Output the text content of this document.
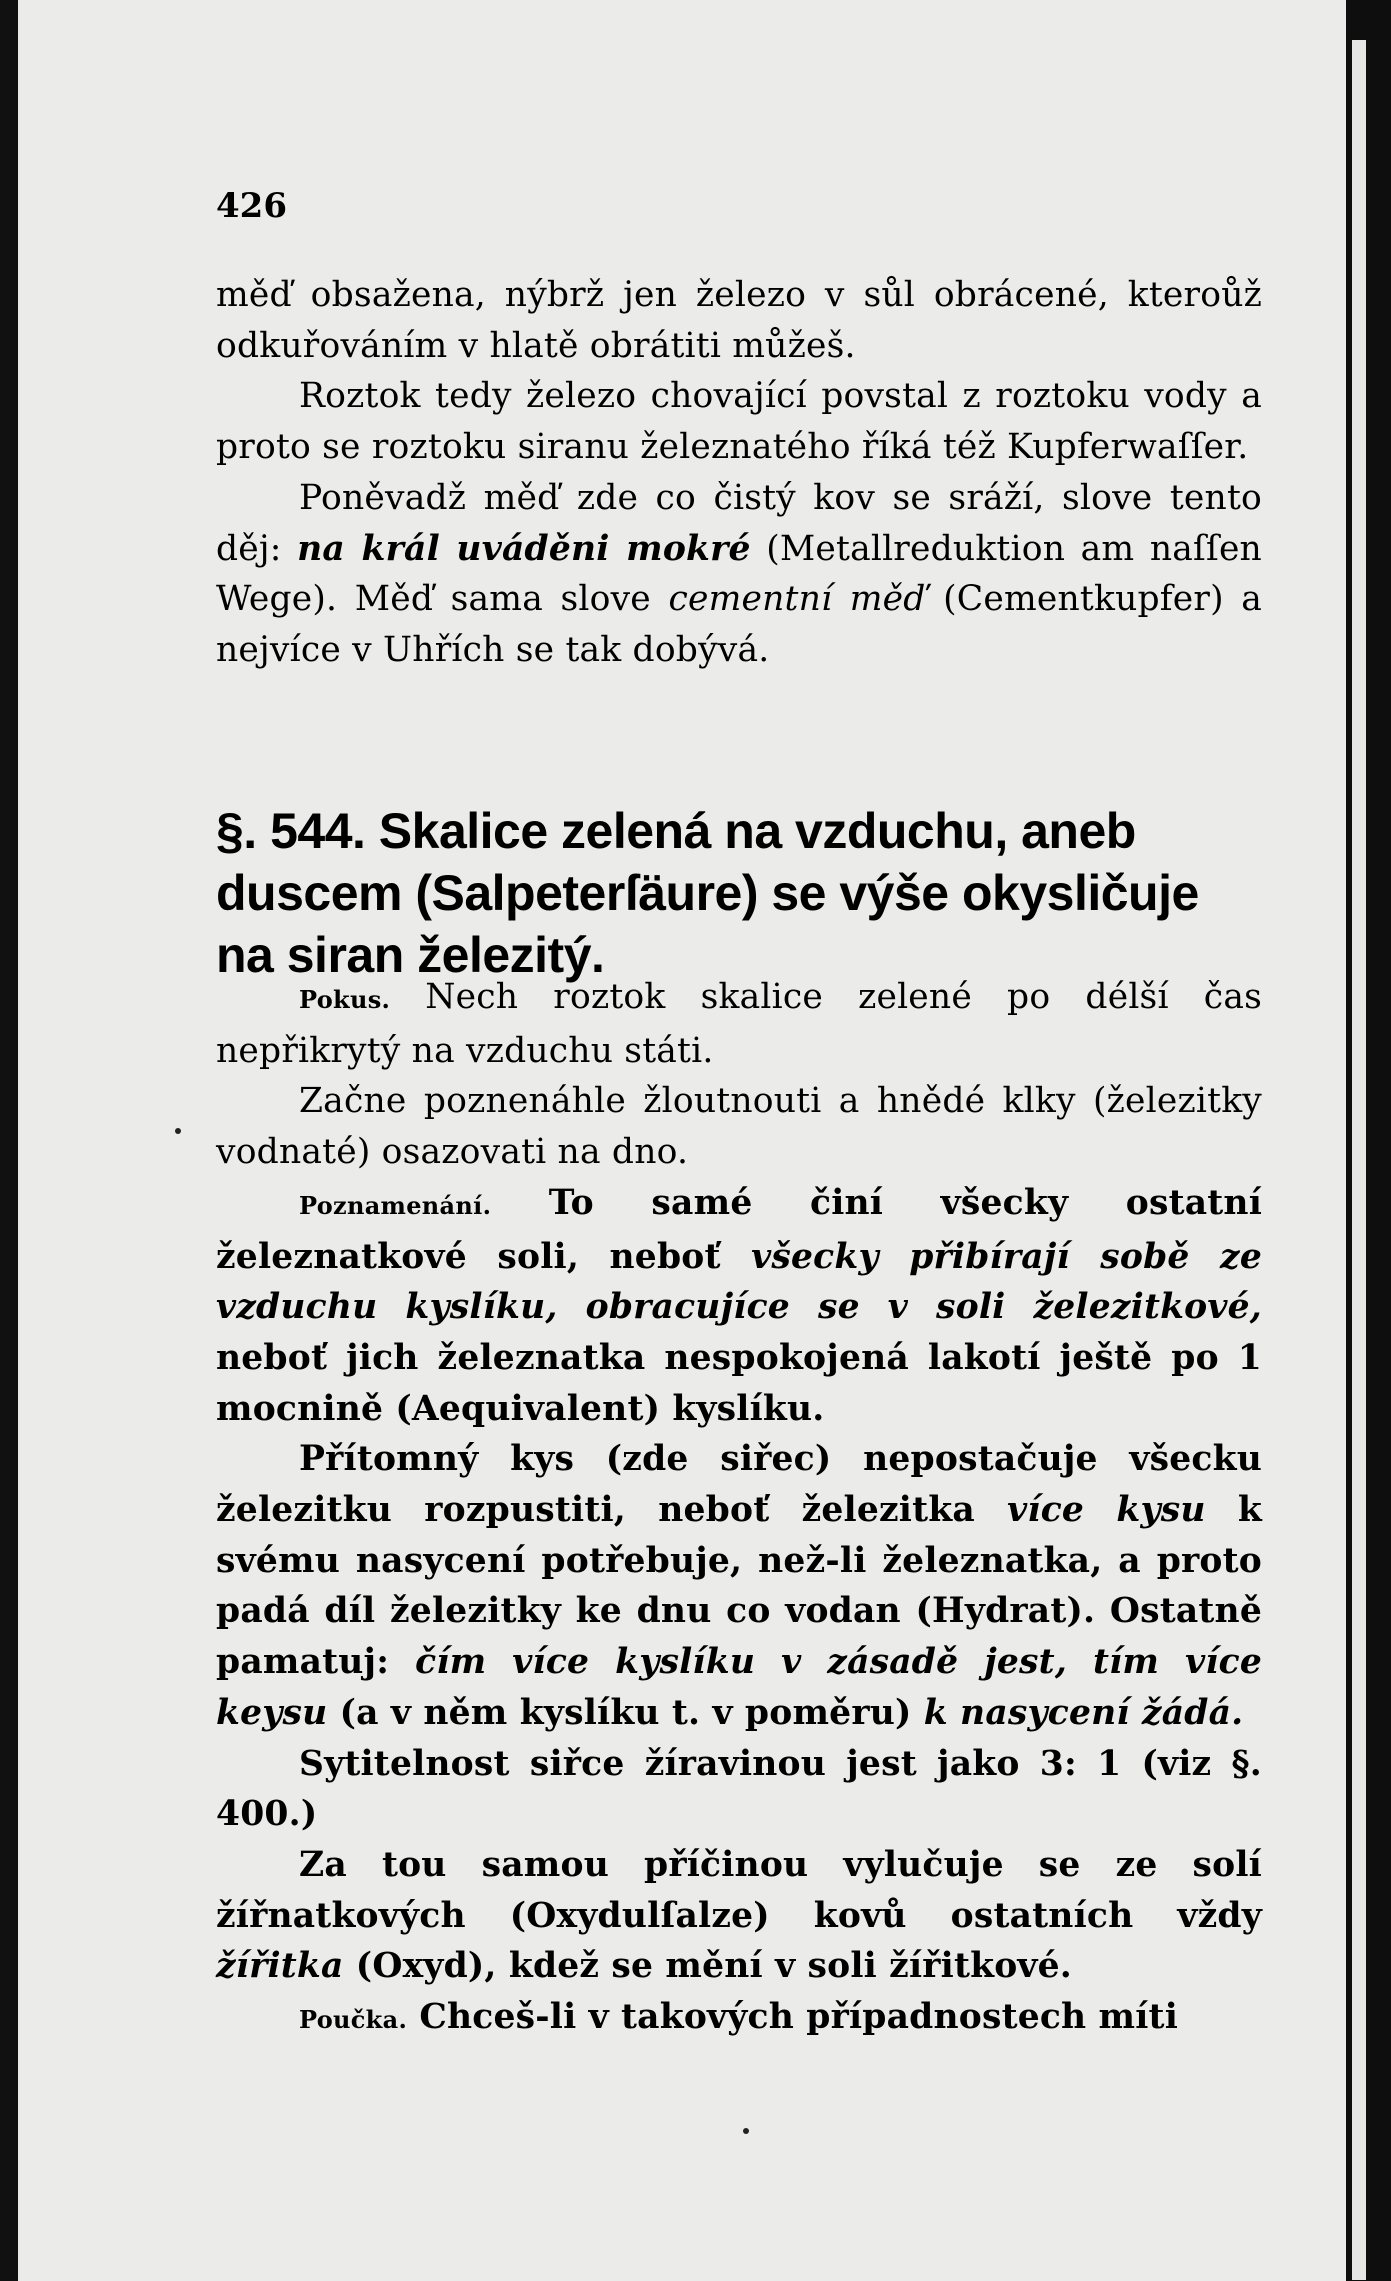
426

měď obsažena, nýbrž jen železo v sůl obrácené, kteroůž odkuřováním v hlatě obrátiti můžeš.

Roztok tedy železo chovající povstal z roztoku vody a proto se roztoku siranu železnatého říká též Kupferwaſſer.

Poněvadž měď zde co čistý kov se sráží, slove tento děj: na král uváděni mokré (Metallreduktion am naſſen Wege). Měď sama slove cementní měď (Cementkupfer) a nejvíce v Uhřích se tak dobývá.

§. 544. Skalice zelená na vzduchu, aneb duscem (Salpeterſäure) se výše okysličuje na siran železitý.

Pokus. Nech roztok skalice zelené po délší čas nepřikrytý na vzduchu státi.

Začne poznenáhle žloutnouti a hnědé klky (železitky vodnaté) osazovati na dno.

Poznamenání. To samé činí všecky ostatní železnatkové soli, neboť všecky přibírají sobě ze vzduchu kyslíku, obracujíce se v soli železitkové, neboť jich železnatka nespokojená lakotí ještě po 1 mocnině (Aequivalent) kyslíku.

Přítomný kys (zde siřec) nepostačuje všecku železitku rozpustiti, neboť železitka více kysu k svému nasycení potřebuje, než-li železnatka, a proto padá díl železitky ke dnu co vodan (Hydrat). Ostatně pamatuj: čím více kyslíku v zásadě jest, tím více keysu (a v něm kyslíku t. v poměru) k nasycení žádá.

Sytitelnost siřce žíravinou jest jako 3: 1 (viz §. 400.)

Za tou samou příčinou vylučuje se ze solí žířnatkových (Oxydulſalze) kovů ostatních vždy žířitka (Oxyd), kdež se mění v soli žířitkové.

Poučka. Chceš-li v takových případnostech míti
